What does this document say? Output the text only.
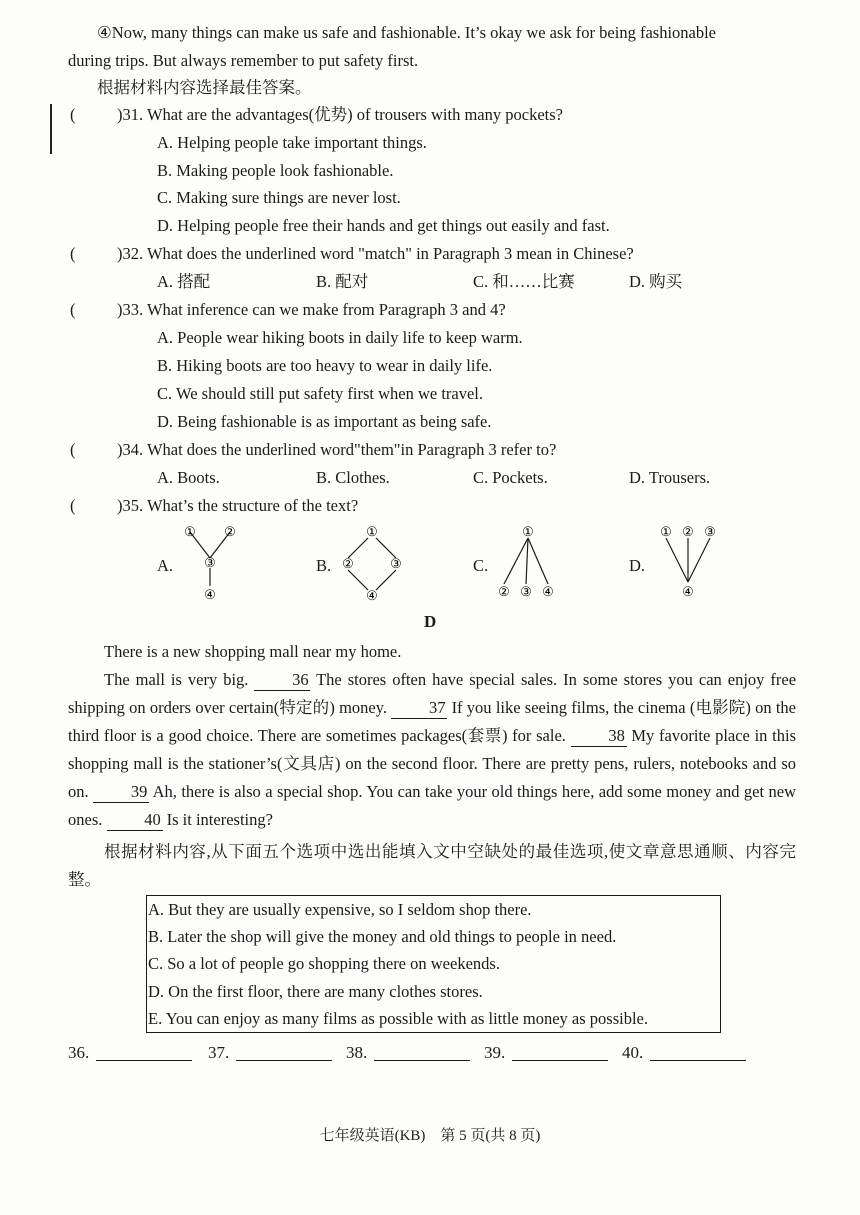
④Now, many things can make us safe and fashionable. It’s okay we ask for being fashionable
during trips. But always remember to put safety first.
根据材料内容选择最佳答案。
(	)31. What are the advantages(优势) of trousers with many pockets?
A. Helping people take important things.
B. Making people look fashionable.
C. Making sure things are never lost.
D. Helping people free their hands and get things out easily and fast.
(	)32. What does the underlined word "match" in Paragraph 3 mean in Chinese?
A. 搭配	B. 配对	C. 和……比赛	D. 购买
(	)33. What inference can we make from Paragraph 3 and 4?
A. People wear hiking boots in daily life to keep warm.
B. Hiking boots are too heavy to wear in daily life.
C. We should still put safety first when we travel.
D. Being fashionable is as important as being safe.
(	)34. What does the underlined word"them"in Paragraph 3 refer to?
A. Boots.	B. Clothes.	C. Pockets.	D. Trousers.
(	)35. What’s the structure of the text?
A.	B.	C.	D.
① ②
③
④
①
②	③
④
①
② ③ ④
① ② ③
④
D
There is a new shopping mall near my home.
The mall is very big.	36 The stores often have special sales. In some stores you can enjoy free shipping on orders over certain(特定的) money.	37 If you like seeing films, the cinema (电影院) on the third floor is a good choice. There are sometimes packages(套票) for sale.	38 My favorite place in this shopping mall is the stationer’s(文具店) on the second floor. There are pretty pens, rulers, notebooks and so on.	39 Ah, there is also a special shop. You can take your old things here, add some money and get new ones.	40 Is it interesting?
根据材料内容,从下面五个选项中选出能填入文中空缺处的最佳选项,使文章意思通顺、内容完整。
A. But they are usually expensive, so I seldom shop there.
B. Later the shop will give the money and old things to people in need.
C. So a lot of people go shopping there on weekends.
D. On the first floor, there are many clothes stores.
E. You can enjoy as many films as possible with as little money as possible.
36.	37.	38.	39.	40.
七年级英语(KB)　第 5 页(共 8 页)
